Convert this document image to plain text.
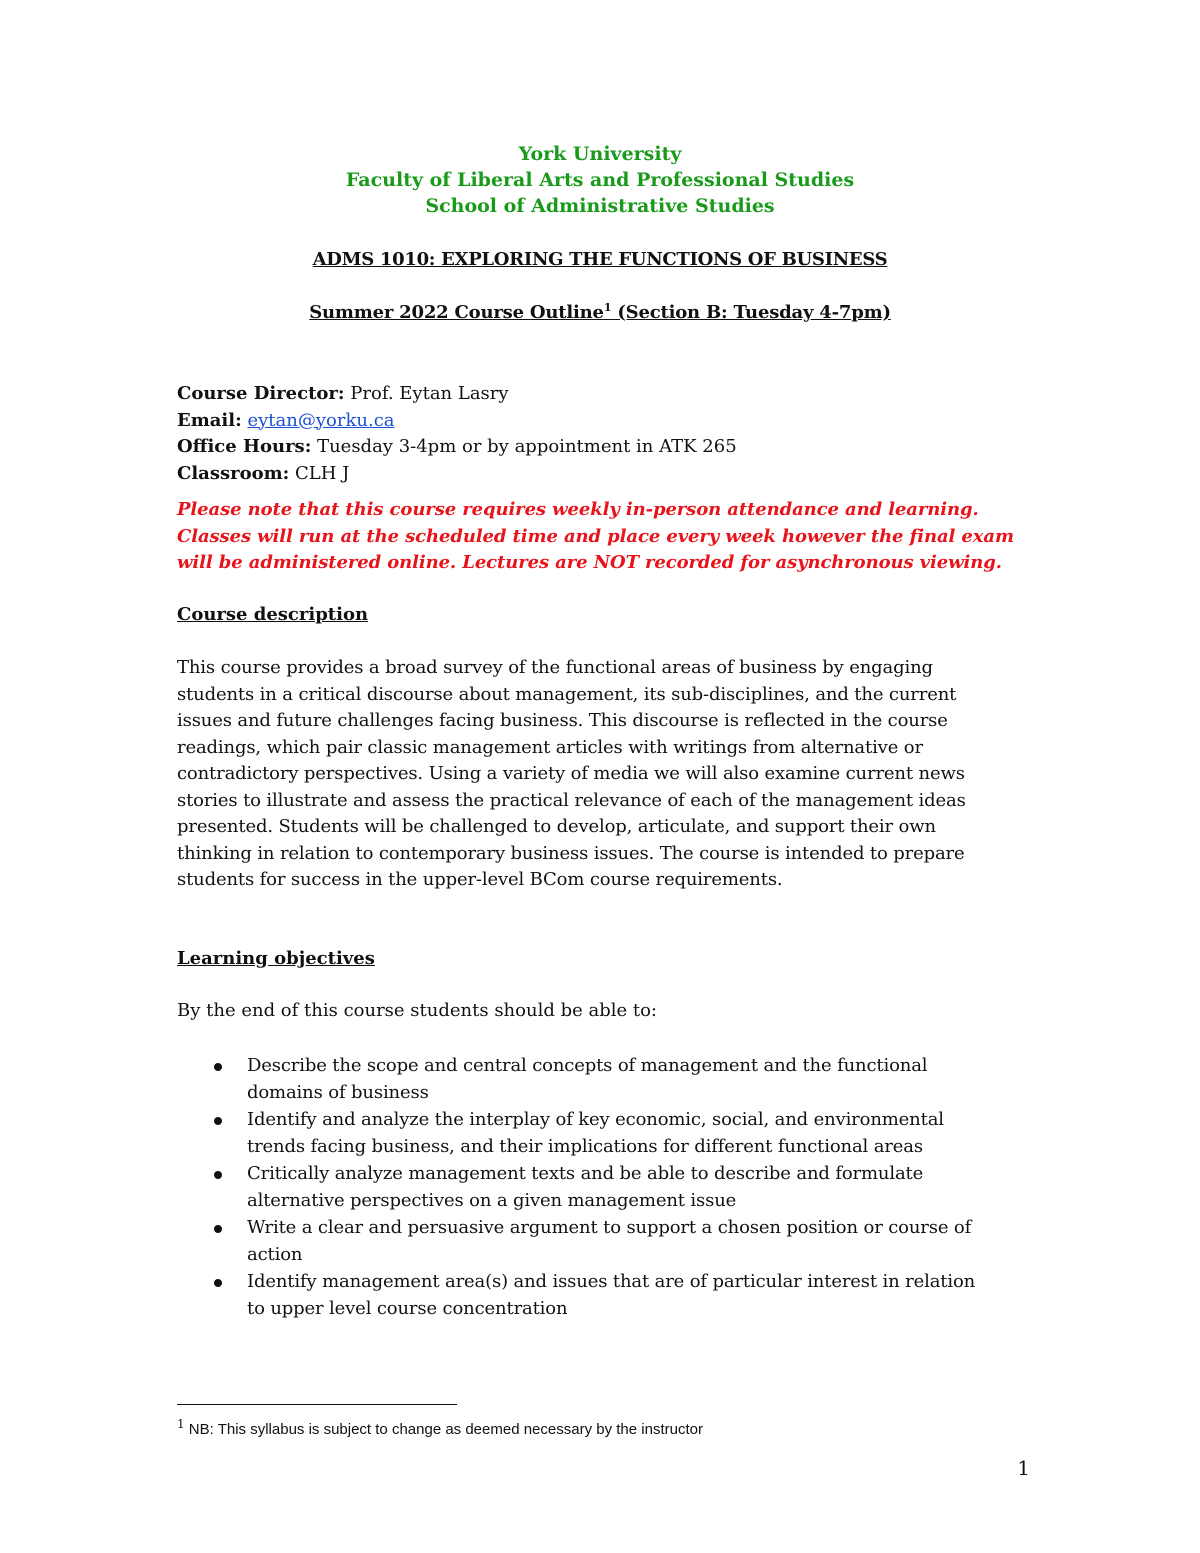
York University
Faculty of Liberal Arts and Professional Studies
School of Administrative Studies
ADMS 1010: EXPLORING THE FUNCTIONS OF BUSINESS
Summer 2022 Course Outline$^1$ (Section B: Tuesday 4-7pm)
Course Director: Prof. Eytan Lasry
Email: eytan@yorku.ca
Office Hours: Tuesday 3-4pm or by appointment in ATK 265
Classroom: CLH J
Please note that this course requires weekly in-person attendance and learning. Classes will run at the scheduled time and place every week however the final exam will be administered online. Lectures are NOT recorded for asynchronous viewing.
Course description
This course provides a broad survey of the functional areas of business by engaging
students in a critical discourse about management, its sub-disciplines, and the current
issues and future challenges facing business. This discourse is reflected in the course
readings, which pair classic management articles with writings from alternative or
contradictory perspectives. Using a variety of media we will also examine current news
stories to illustrate and assess the practical relevance of each of the management ideas
presented. Students will be challenged to develop, articulate, and support their own
thinking in relation to contemporary business issues. The course is intended to prepare
students for success in the upper-level BCom course requirements.
Learning objectives
By the end of this course students should be able to:
Describe the scope and central concepts of management and the functional
domains of business
Identify and analyze the interplay of key economic, social, and environmental
trends facing business, and their implications for different functional areas
Critically analyze management texts and be able to describe and formulate
alternative perspectives on a given management issue
Write a clear and persuasive argument to support a chosen position or course of
action
Identify management area(s) and issues that are of particular interest in relation
to upper level course concentration
$^1$ NB: This syllabus is subject to change as deemed necessary by the instructor
1
